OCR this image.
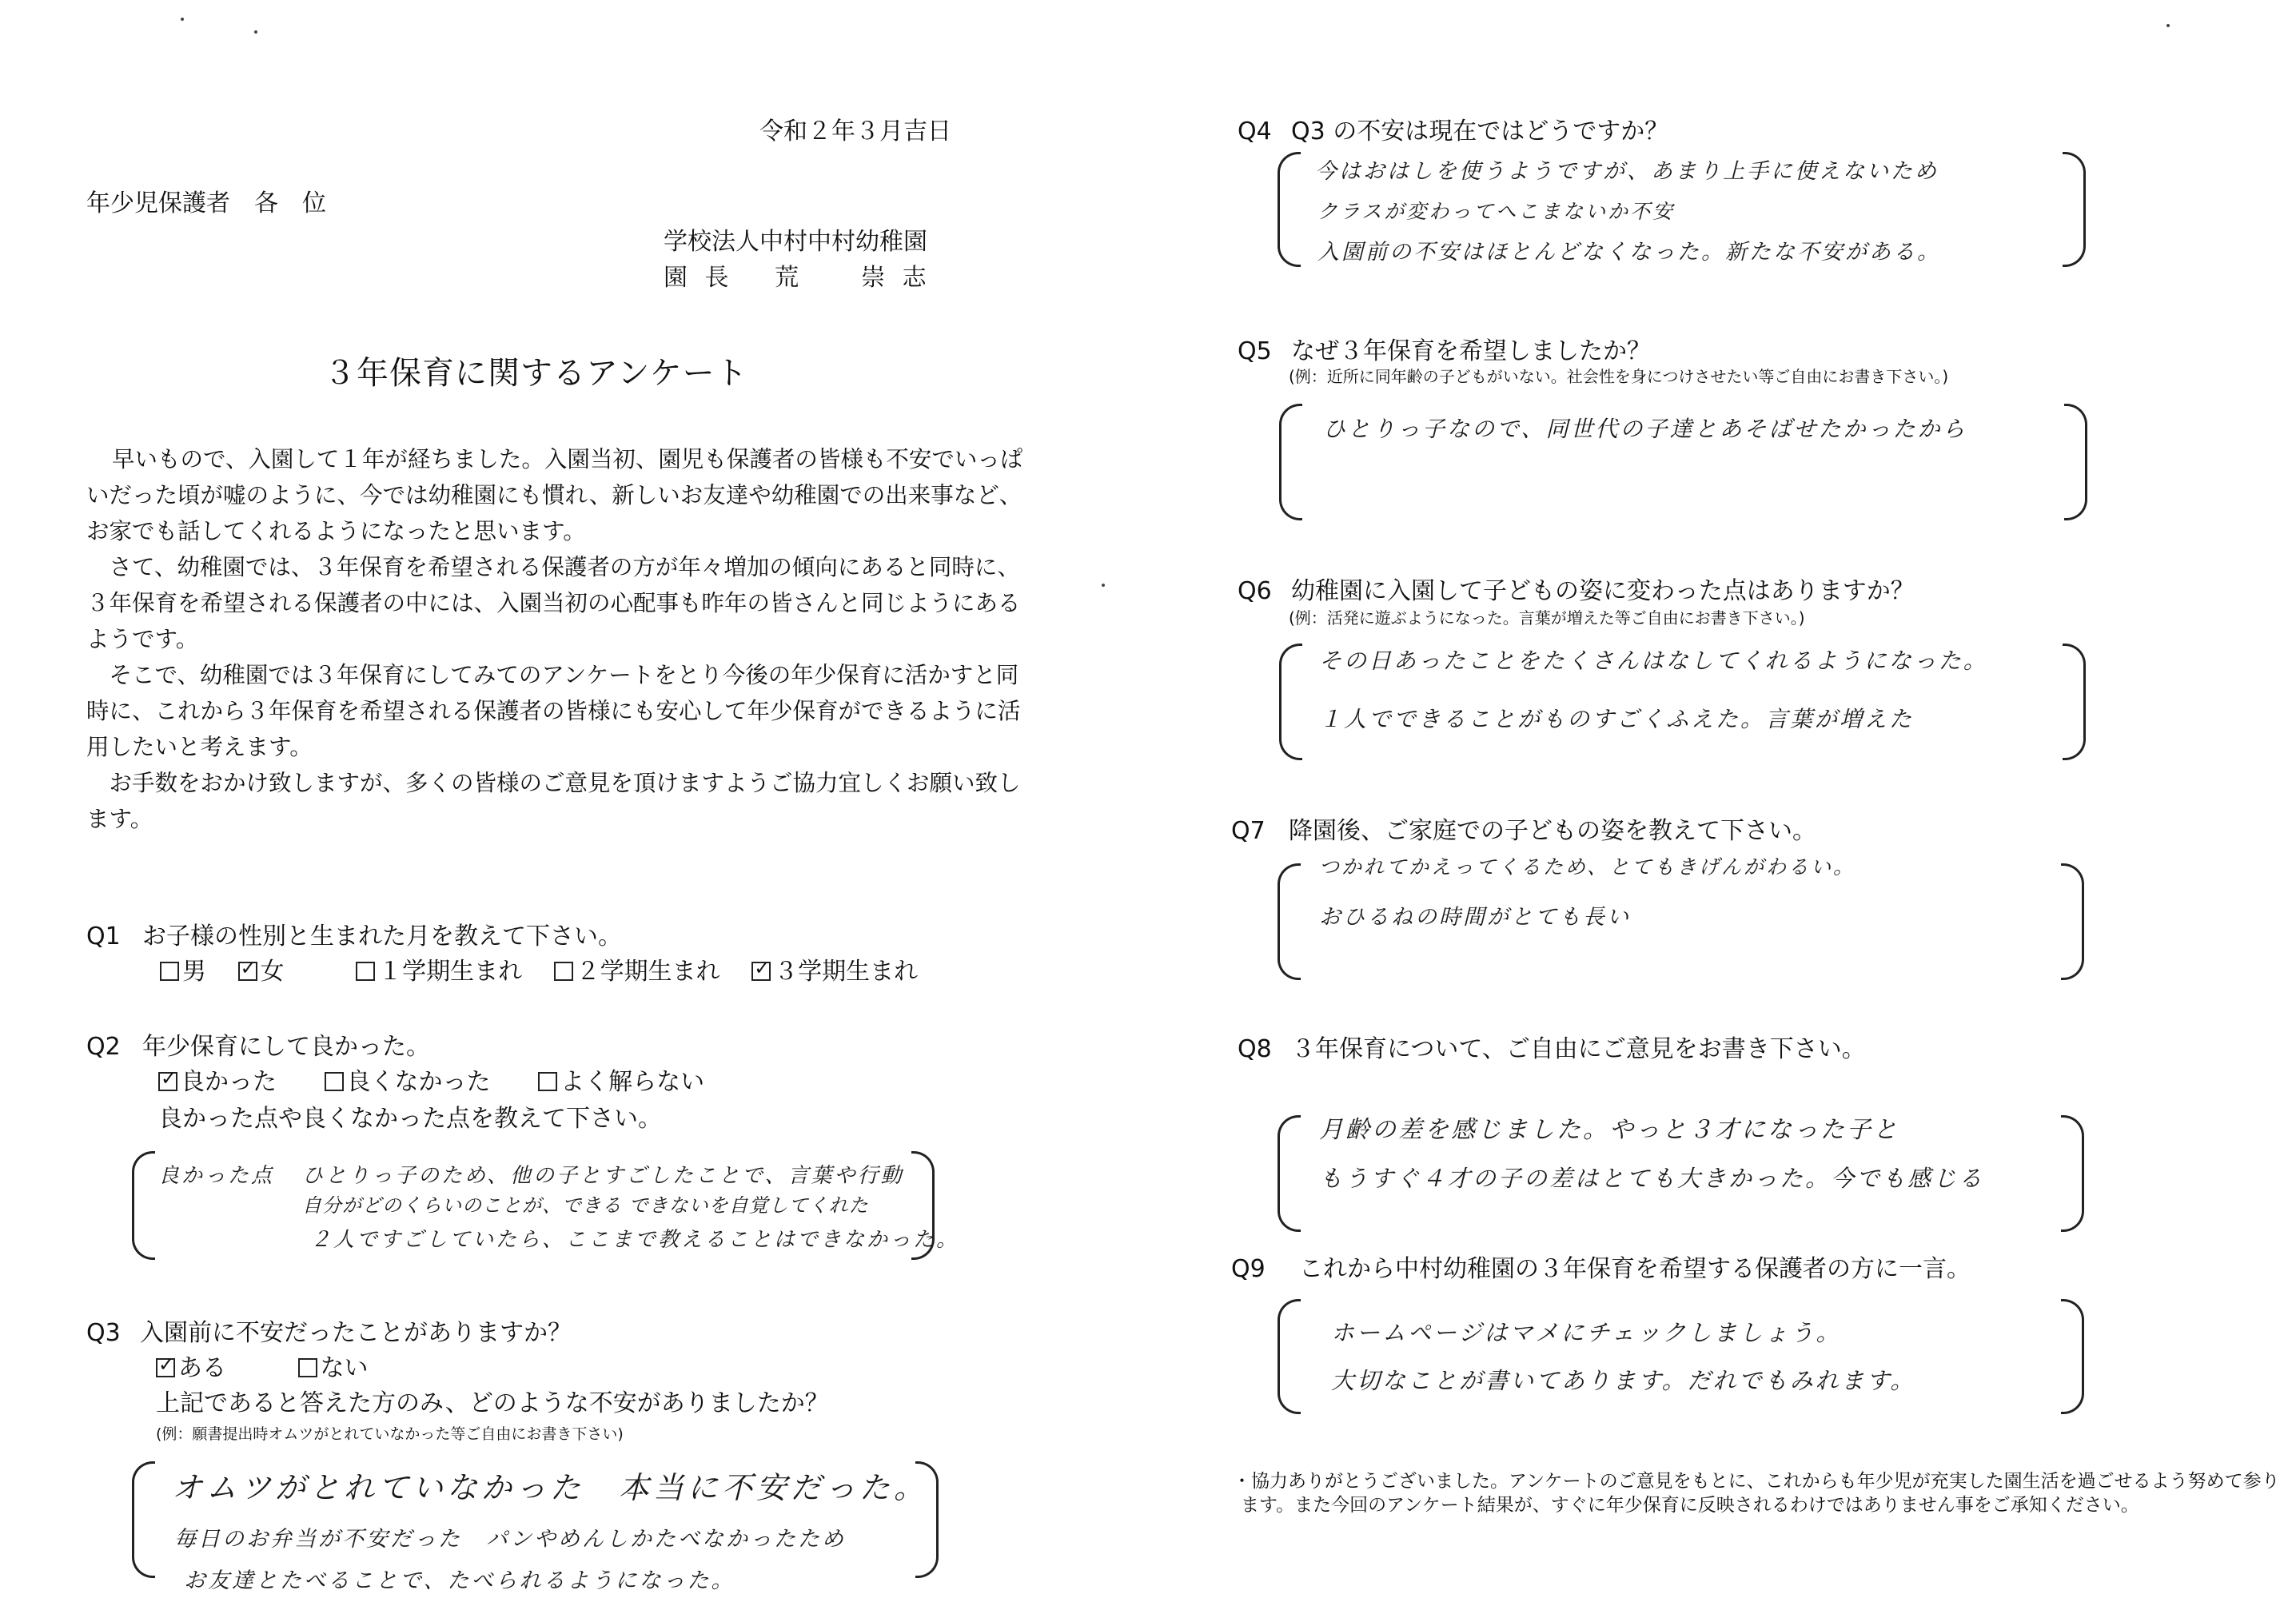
令和２年３月吉日
年少児保護者　各　位
学校法人中村中村幼稚園
園 長　 荒　　崇 志
３年保育に関するアンケート

早いもので、入園して１年が経ちました。入園当初、園児も保護者の皆様も不安でいっぱ

いだった頃が嘘のように、今では幼稚園にも慣れ、新しいお友達や幼稚園での出来事など、

お家でも話してくれるようになったと思います。

　さて、幼稚園では、３年保育を希望される保護者の方が年々増加の傾向にあると同時に、

３年保育を希望される保護者の中には、入園当初の心配事も昨年の皆さんと同じようにある

ようです。

　そこで、幼稚園では３年保育にしてみてのアンケートをとり今後の年少保育に活かすと同

時に、これから３年保育を希望される保護者の皆様にも安心して年少保育ができるように活

用したいと考えます。

　お手数をおかけ致しますが、多くの皆様のご意見を頂けますようご協力宜しくお願い致し

ます。

Q1 お子様の性別と生まれた月を教えて下さい。
男 ✓ 女	１学期生まれ ２学期生まれ ✓ ３学期生まれ
Q2 年少保育にして良かった。
✓良かった	良くなかった	よく解らない
良かった点や良くなかった点を教えて下さい。
良かった点 ひとりっ子のため、他の子とすごしたことで、言葉や行動
自分がどのくらいのことが、できる できないを自覚してくれた
２人ですごしていたら、ここまで教えることはできなかった。
Q3 入園前に不安だったことがありますか？
✓ある	ない
上記であると答えた方のみ、どのような不安がありましたか？
(例：願書提出時オムツがとれていなかった等ご自由にお書き下さい)
オムツがとれていなかった　本当に不安だった。
毎日のお弁当が不安だった　パンやめんしかたべなかったため
お友達とたべることで、たべられるようになった。
Q4 Q3 の不安は現在ではどうですか？
今はおはしを使うようですが、あまり上手に使えないため
クラスが変わってへこまないか不安
入園前の不安はほとんどなくなった。新たな不安がある。
Q5 なぜ３年保育を希望しましたか？
(例：近所に同年齢の子どもがいない。社会性を身につけさせたい等ご自由にお書き下さい。)
ひとりっ子なので、同世代の子達とあそばせたかったから
Q6 幼稚園に入園して子どもの姿に変わった点はありますか？
(例：活発に遊ぶようになった。言葉が増えた等ご自由にお書き下さい。)
その日あったことをたくさんはなしてくれるようになった。
１人でできることがものすごくふえた。言葉が増えた
Q7 降園後、ご家庭での子どもの姿を教えて下さい。
つかれてかえってくるため、とてもきげんがわるい。
おひるねの時間がとても長い
Q8 ３年保育について、ご自由にご意見をお書き下さい。
月齢の差を感じました。やっと３才になった子と
もうすぐ４才の子の差はとても大きかった。今でも感じる
Q9 これから中村幼稚園の３年保育を希望する保護者の方に一言。
ホームページはマメにチェックしましょう。
大切なことが書いてあります。だれでもみれます。
・協力ありがとうございました。アンケートのご意見をもとに、これからも年少児が充実した園生活を過ごせるよう努めて参り
ます。また今回のアンケート結果が、すぐに年少保育に反映されるわけではありません事をご承知ください。
